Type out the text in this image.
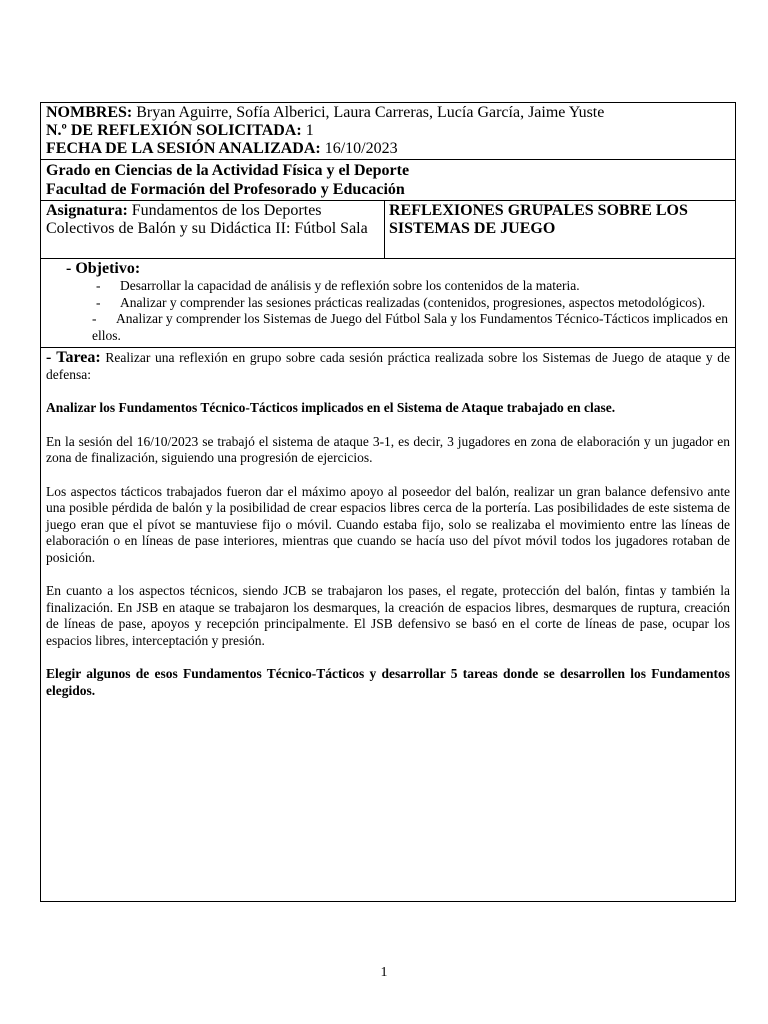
NOMBRES: Bryan Aguirre, Sofía Alberici, Laura Carreras, Lucía García, Jaime Yuste
N.º DE REFLEXIÓN SOLICITADA: 1
FECHA DE LA SESIÓN ANALIZADA: 16/10/2023
Grado en Ciencias de la Actividad Física y el Deporte
Facultad de Formación del Profesorado y Educación
Asignatura: Fundamentos de los Deportes Colectivos de Balón y su Didáctica II: Fútbol Sala
REFLEXIONES GRUPALES SOBRE LOS SISTEMAS DE JUEGO
- Objetivo:
- Desarrollar la capacidad de análisis y de reflexión sobre los contenidos de la materia.
- Analizar y comprender las sesiones prácticas realizadas (contenidos, progresiones, aspectos metodológicos).
- Analizar y comprender los Sistemas de Juego del Fútbol Sala y los Fundamentos Técnico-Tácticos implicados en ellos.

- Tarea: Realizar una reflexión en grupo sobre cada sesión práctica realizada sobre los Sistemas de Juego de ataque y de defensa:

Analizar los Fundamentos Técnico-Tácticos implicados en el Sistema de Ataque trabajado en clase.

En la sesión del 16/10/2023 se trabajó el sistema de ataque 3-1, es decir, 3 jugadores en zona de elaboración y un jugador en zona de finalización, siguiendo una progresión de ejercicios.

Los aspectos tácticos trabajados fueron dar el máximo apoyo al poseedor del balón, realizar un gran balance defensivo ante una posible pérdida de balón y la posibilidad de crear espacios libres cerca de la portería. Las posibilidades de este sistema de juego eran que el pívot se mantuviese fijo o móvil. Cuando estaba fijo, solo se realizaba el movimiento entre las líneas de elaboración o en líneas de pase interiores, mientras que cuando se hacía uso del pívot móvil todos los jugadores rotaban de posición.

En cuanto a los aspectos técnicos, siendo JCB se trabajaron los pases, el regate, protección del balón, fintas y también la finalización. En JSB en ataque se trabajaron los desmarques, la creación de espacios libres, desmarques de ruptura, creación de líneas de pase, apoyos y recepción principalmente. El JSB defensivo se basó en el corte de líneas de pase, ocupar los espacios libres, interceptación y presión.

Elegir algunos de esos Fundamentos Técnico-Tácticos y desarrollar 5 tareas donde se desarrollen los Fundamentos elegidos.

1
